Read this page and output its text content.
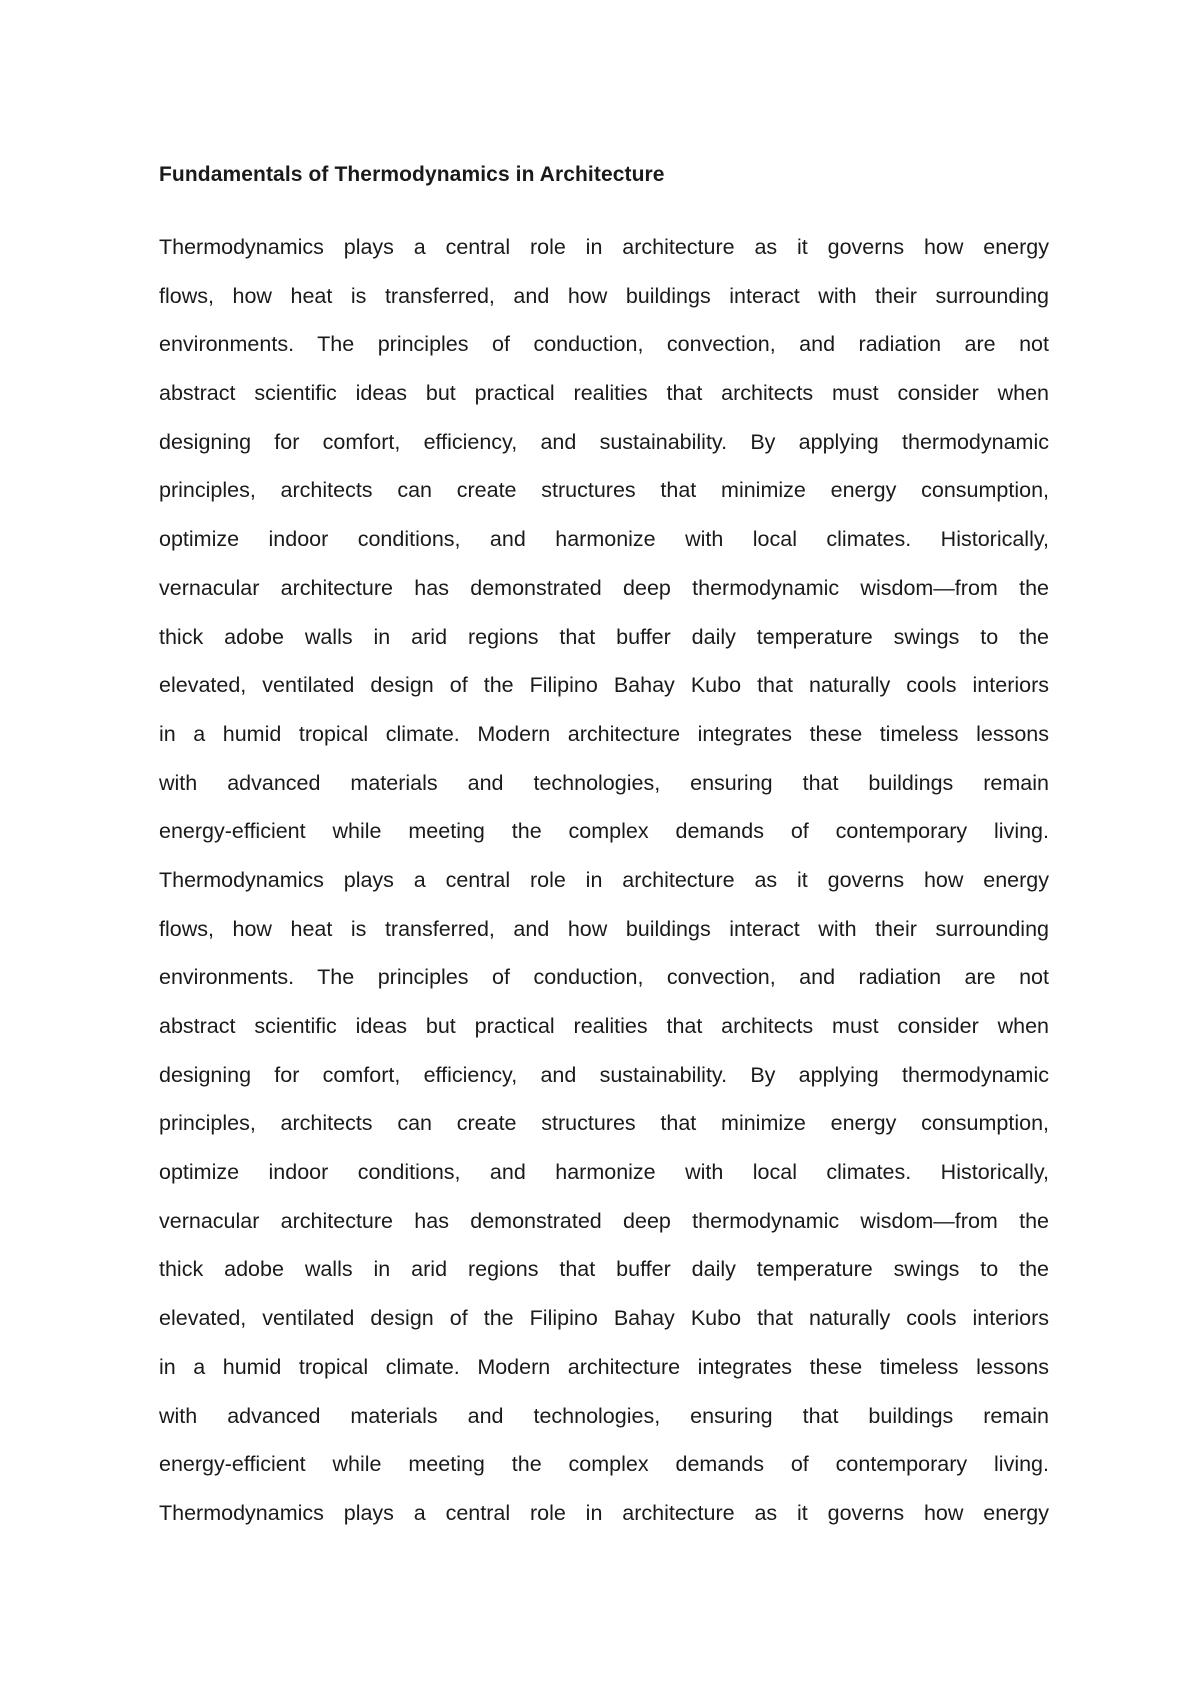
Fundamentals of Thermodynamics in Architecture
Thermodynamics plays a central role in architecture as it governs how energy
flows, how heat is transferred, and how buildings interact with their surrounding
environments. The principles of conduction, convection, and radiation are not
abstract scientific ideas but practical realities that architects must consider when
designing for comfort, efficiency, and sustainability. By applying thermodynamic
principles, architects can create structures that minimize energy consumption,
optimize indoor conditions, and harmonize with local climates. Historically,
vernacular architecture has demonstrated deep thermodynamic wisdom—from the
thick adobe walls in arid regions that buffer daily temperature swings to the
elevated, ventilated design of the Filipino Bahay Kubo that naturally cools interiors
in a humid tropical climate. Modern architecture integrates these timeless lessons
with advanced materials and technologies, ensuring that buildings remain
energy-efficient while meeting the complex demands of contemporary living.
Thermodynamics plays a central role in architecture as it governs how energy
flows, how heat is transferred, and how buildings interact with their surrounding
environments. The principles of conduction, convection, and radiation are not
abstract scientific ideas but practical realities that architects must consider when
designing for comfort, efficiency, and sustainability. By applying thermodynamic
principles, architects can create structures that minimize energy consumption,
optimize indoor conditions, and harmonize with local climates. Historically,
vernacular architecture has demonstrated deep thermodynamic wisdom—from the
thick adobe walls in arid regions that buffer daily temperature swings to the
elevated, ventilated design of the Filipino Bahay Kubo that naturally cools interiors
in a humid tropical climate. Modern architecture integrates these timeless lessons
with advanced materials and technologies, ensuring that buildings remain
energy-efficient while meeting the complex demands of contemporary living.
Thermodynamics plays a central role in architecture as it governs how energy
